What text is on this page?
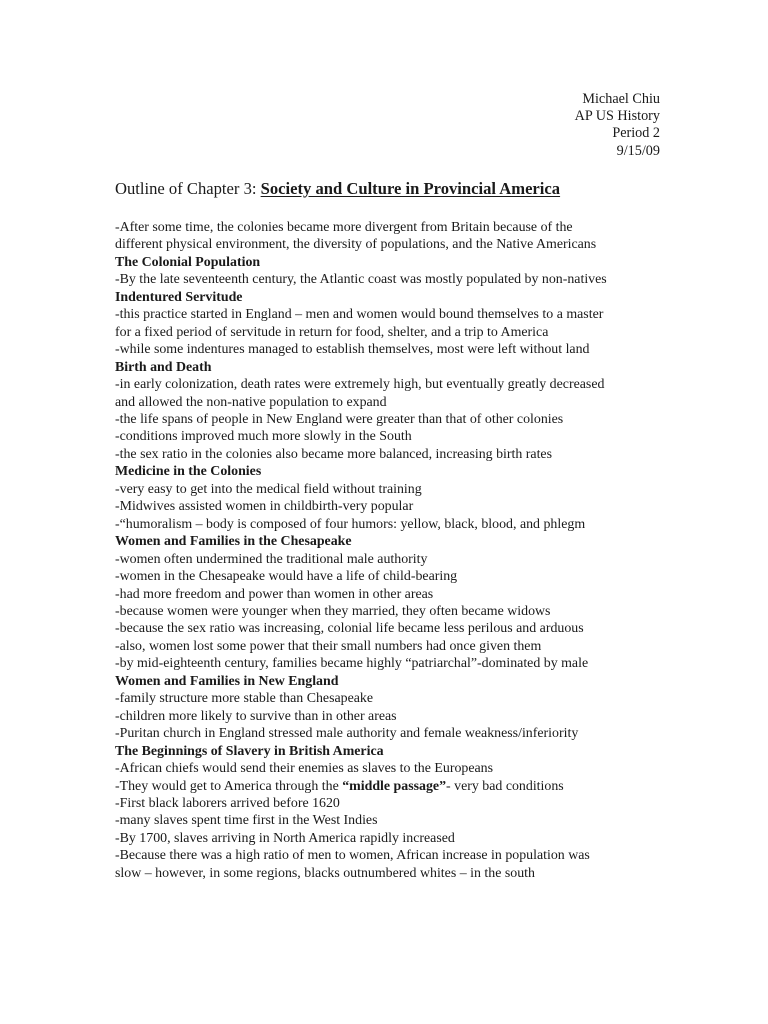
Michael Chiu
AP US History
Period 2
9/15/09
Outline of Chapter 3: Society and Culture in Provincial America
-After some time, the colonies became more divergent from Britain because of the
different physical environment, the diversity of populations, and the Native Americans
The Colonial Population
-By the late seventeenth century, the Atlantic coast was mostly populated by non-natives
Indentured Servitude
-this practice started in England – men and women would bound themselves to a master
for a fixed period of servitude in return for food, shelter, and a trip to America
-while some indentures managed to establish themselves, most were left without land
Birth and Death
-in early colonization, death rates were extremely high, but eventually greatly decreased
and allowed the non-native population to expand
-the life spans of people in New England were greater than that of other colonies
-conditions improved much more slowly in the South
-the sex ratio in the colonies also became more balanced, increasing birth rates
Medicine in the Colonies
-very easy to get into the medical field without training
-Midwives assisted women in childbirth-very popular
-“humoralism – body is composed of four humors: yellow, black, blood, and phlegm
Women and Families in the Chesapeake
-women often undermined the traditional male authority
-women in the Chesapeake would have a life of child-bearing
-had more freedom and power than women in other areas
-because women were younger when they married, they often became widows
-because the sex ratio was increasing, colonial life became less perilous and arduous
-also, women lost some power that their small numbers had once given them
-by mid-eighteenth century, families became highly “patriarchal”-dominated by male
Women and Families in New England
-family structure more stable than Chesapeake
-children more likely to survive than in other areas
-Puritan church in England stressed male authority and female weakness/inferiority
The Beginnings of Slavery in British America
-African chiefs would send their enemies as slaves to the Europeans
-They would get to America through the “middle passage”- very bad conditions
-First black laborers arrived before 1620
-many slaves spent time first in the West Indies
-By 1700, slaves arriving in North America rapidly increased
-Because there was a high ratio of men to women, African increase in population was
slow – however, in some regions, blacks outnumbered whites – in the south
